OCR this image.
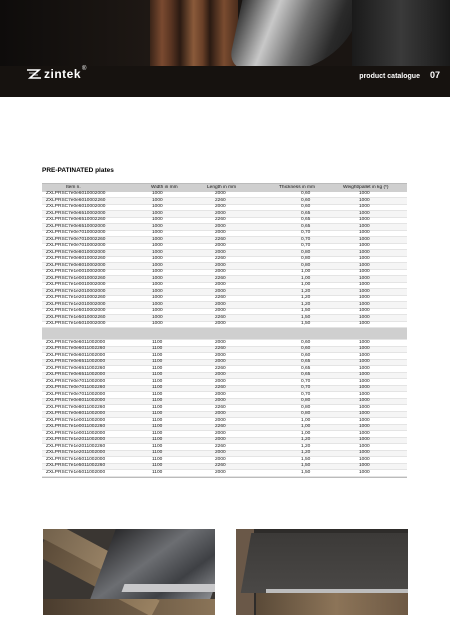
zintek ®
product catalogue 07
PRE-PATINATED plates
Item n.	Width in mm	Length in mm	Thickness in mm	Weight/pallet in kg (*)
ZXLPRSC7e0e6010002000	1000	2000	0,60	1000
ZXLPRSC7e0e6010002260	1000	2260	0,60	1000
ZXLPRSC7e0e6010002000	1000	2000	0,60	1000
ZXLPRSC7e0e6510002000	1000	2000	0,65	1000
ZXLPRSC7e0e6510002260	1000	2260	0,65	1000
ZXLPRSC7e0e6510002000	1000	2000	0,65	1000
ZXLPRSC7e0e7010002000	1000	2000	0,70	1000
ZXLPRSC7e0e7010002260	1000	2260	0,70	1000
ZXLPRSC7e0e7010002000	1000	2000	0,70	1000
ZXLPRSC7e0e8010002000	1000	2000	0,80	1000
ZXLPRSC7e0e8010002260	1000	2260	0,80	1000
ZXLPRSC7e0e8010002000	1000	2000	0,80	1000
ZXLPRSC7e1e0010002000	1000	2000	1,00	1000
ZXLPRSC7e1e0010002260	1000	2260	1,00	1000
ZXLPRSC7e1e0010002000	1000	2000	1,00	1000
ZXLPRSC7e1e2010002000	1000	2000	1,20	1000
ZXLPRSC7e1e2010002260	1000	2260	1,20	1000
ZXLPRSC7e1e2010002000	1000	2000	1,20	1000
ZXLPRSC7e1e5010002000	1000	2000	1,50	1000
ZXLPRSC7e1e5010002260	1000	2260	1,50	1000
ZXLPRSC7e1e5010002000	1000	2000	1,50	1000
ZXLPRSC7e0e6011002000	1100	2000	0,60	1000
ZXLPRSC7e0e6011002260	1100	2260	0,60	1000
ZXLPRSC7e0e6011002000	1100	2000	0,60	1000
ZXLPRSC7e0e6511002000	1100	2000	0,65	1000
ZXLPRSC7e0e6511002260	1100	2260	0,65	1000
ZXLPRSC7e0e6511002000	1100	2000	0,65	1000
ZXLPRSC7e0e7011002000	1100	2000	0,70	1000
ZXLPRSC7e0e7011002260	1100	2260	0,70	1000
ZXLPRSC7e0e7011002000	1100	2000	0,70	1000
ZXLPRSC7e0e8011002000	1100	2000	0,80	1000
ZXLPRSC7e0e8011002260	1100	2260	0,80	1000
ZXLPRSC7e0e8011002000	1100	2000	0,80	1000
ZXLPRSC7e1e0011002000	1100	2000	1,00	1000
ZXLPRSC7e1e0011002260	1100	2260	1,00	1000
ZXLPRSC7e1e0011002000	1100	2000	1,00	1000
ZXLPRSC7e1e2011002000	1100	2000	1,20	1000
ZXLPRSC7e1e2011002260	1100	2260	1,20	1000
ZXLPRSC7e1e2011002000	1100	2000	1,20	1000
ZXLPRSC7e1e5011002000	1100	2000	1,50	1000
ZXLPRSC7e1e5011002260	1100	2260	1,50	1000
ZXLPRSC7e1e5011002000	1100	2000	1,50	1000
